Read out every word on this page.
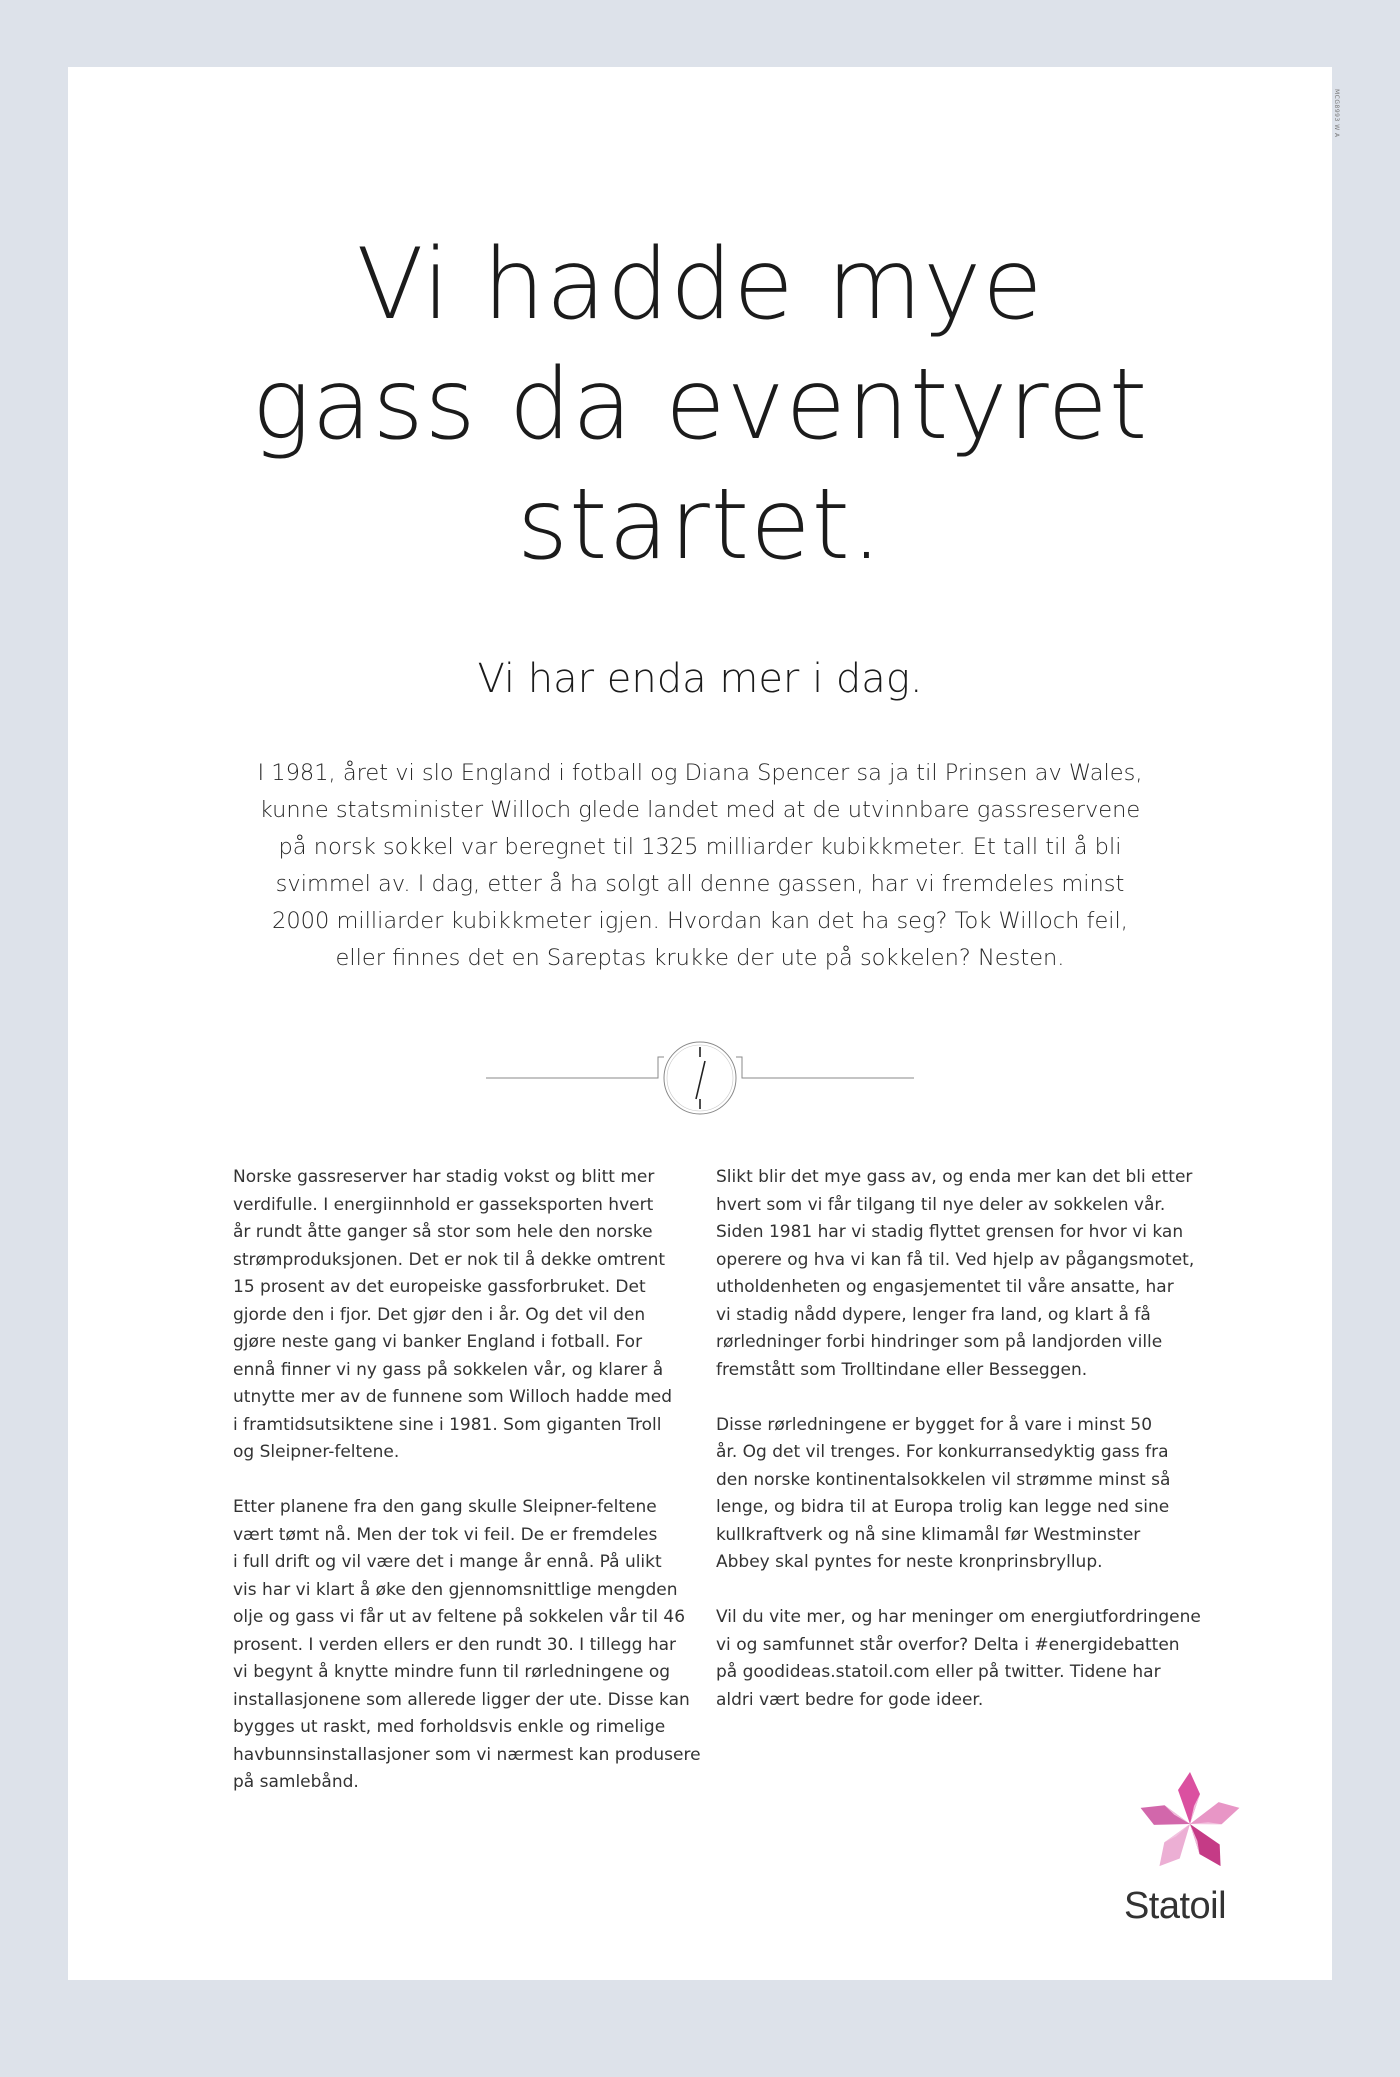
MCG8993 W A
Vi hadde mye
gass da eventyret
startet.
Vi har enda mer i dag.
I 1981, året vi slo England i fotball og Diana Spencer sa ja til Prinsen av Wales,
kunne statsminister Willoch glede landet med at de utvinnbare gassreservene
på norsk sokkel var beregnet til 1325 milliarder kubikkmeter. Et tall til å bli
svimmel av. I dag, etter å ha solgt all denne gassen, har vi fremdeles minst
2000 milliarder kubikkmeter igjen. Hvordan kan det ha seg? Tok Willoch feil,
eller finnes det en Sareptas krukke der ute på sokkelen? Nesten.

Norske gassreserver har stadig vokst og blitt mer
verdifulle. I energiinnhold er gasseksporten hvert
år rundt åtte ganger så stor som hele den norske
strømproduksjonen. Det er nok til å dekke omtrent
15 prosent av det europeiske gassforbruket. Det
gjorde den i fjor. Det gjør den i år. Og det vil den
gjøre neste gang vi banker England i fotball. For
ennå finner vi ny gass på sokkelen vår, og klarer å
utnytte mer av de funnene som Willoch hadde med
i framtidsutsiktene sine i 1981. Som giganten Troll
og Sleipner-feltene.

Etter planene fra den gang skulle Sleipner-feltene
vært tømt nå. Men der tok vi feil. De er fremdeles
i full drift og vil være det i mange år ennå. På ulikt
vis har vi klart å øke den gjennomsnittlige mengden
olje og gass vi får ut av feltene på sokkelen vår til 46
prosent. I verden ellers er den rundt 30. I tillegg har
vi begynt å knytte mindre funn til rørledningene og
installasjonene som allerede ligger der ute. Disse kan
bygges ut raskt, med forholdsvis enkle og rimelige
havbunnsinstallasjoner som vi nærmest kan produsere
på samlebånd.

Slikt blir det mye gass av, og enda mer kan det bli etter
hvert som vi får tilgang til nye deler av sokkelen vår.
Siden 1981 har vi stadig flyttet grensen for hvor vi kan
operere og hva vi kan få til. Ved hjelp av pågangsmotet,
utholdenheten og engasjementet til våre ansatte, har
vi stadig nådd dypere, lenger fra land, og klart å få
rørledninger forbi hindringer som på landjorden ville
fremstått som Trolltindane eller Besseggen.

Disse rørledningene er bygget for å vare i minst 50
år. Og det vil trenges. For konkurransedyktig gass fra
den norske kontinentalsokkelen vil strømme minst så
lenge, og bidra til at Europa trolig kan legge ned sine
kullkraftverk og nå sine klimamål før Westminster
Abbey skal pyntes for neste kronprinsbryllup.

Vil du vite mer, og har meninger om energiutfordringene
vi og samfunnet står overfor? Delta i #energidebatten
på goodideas.statoil.com eller på twitter. Tidene har
aldri vært bedre for gode ideer.

Statoil
